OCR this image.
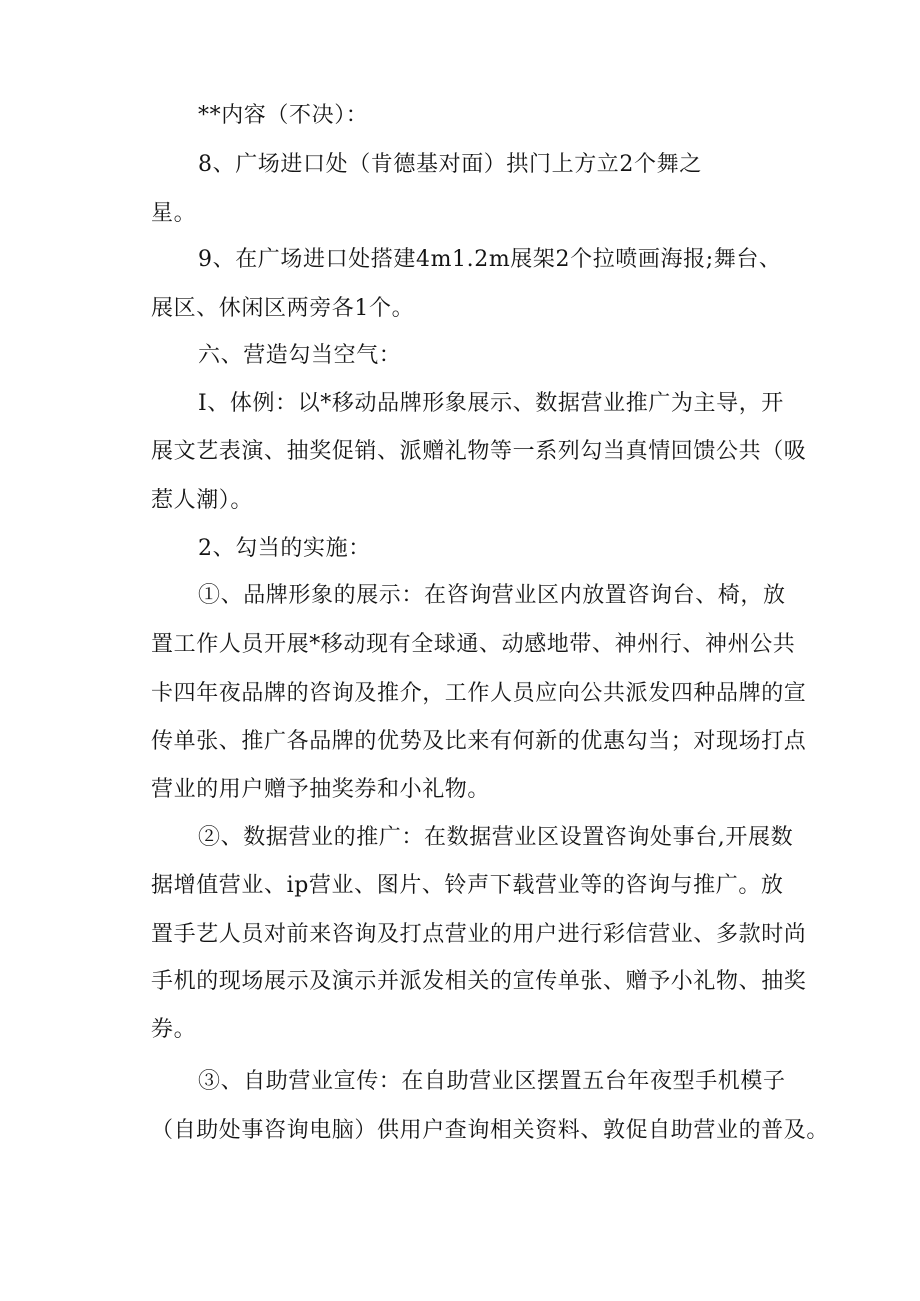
**内容（不决）：
8、广场进口处（肯德基对面）拱门上方立2个舞之
星。
9、在广场进口处搭建4m1.2m展架2个拉喷画海报;舞台、
展区、休闲区两旁各1个。
六、营造勾当空气：
I、体例：以*移动品牌形象展示、数据营业推广为主导，开
展文艺表演、抽奖促销、派赠礼物等一系列勾当真情回馈公共（吸
惹人潮）。
2、勾当的实施：
①、品牌形象的展示：在咨询营业区内放置咨询台、椅，放
置工作人员开展*移动现有全球通、动感地带、神州行、神州公共
卡四年夜品牌的咨询及推介，工作人员应向公共派发四种品牌的宣
传单张、推广各品牌的优势及比来有何新的优惠勾当；对现场打点
营业的用户赠予抽奖券和小礼物。
②、数据营业的推广：在数据营业区设置咨询处事台,开展数
据增值营业、ip营业、图片、铃声下载营业等的咨询与推广。放
置手艺人员对前来咨询及打点营业的用户进行彩信营业、多款时尚
手机的现场展示及演示并派发相关的宣传单张、赠予小礼物、抽奖
券。
③、自助营业宣传：在自助营业区摆置五台年夜型手机模子
（自助处事咨询电脑）供用户查询相关资料、敦促自助营业的普及。
